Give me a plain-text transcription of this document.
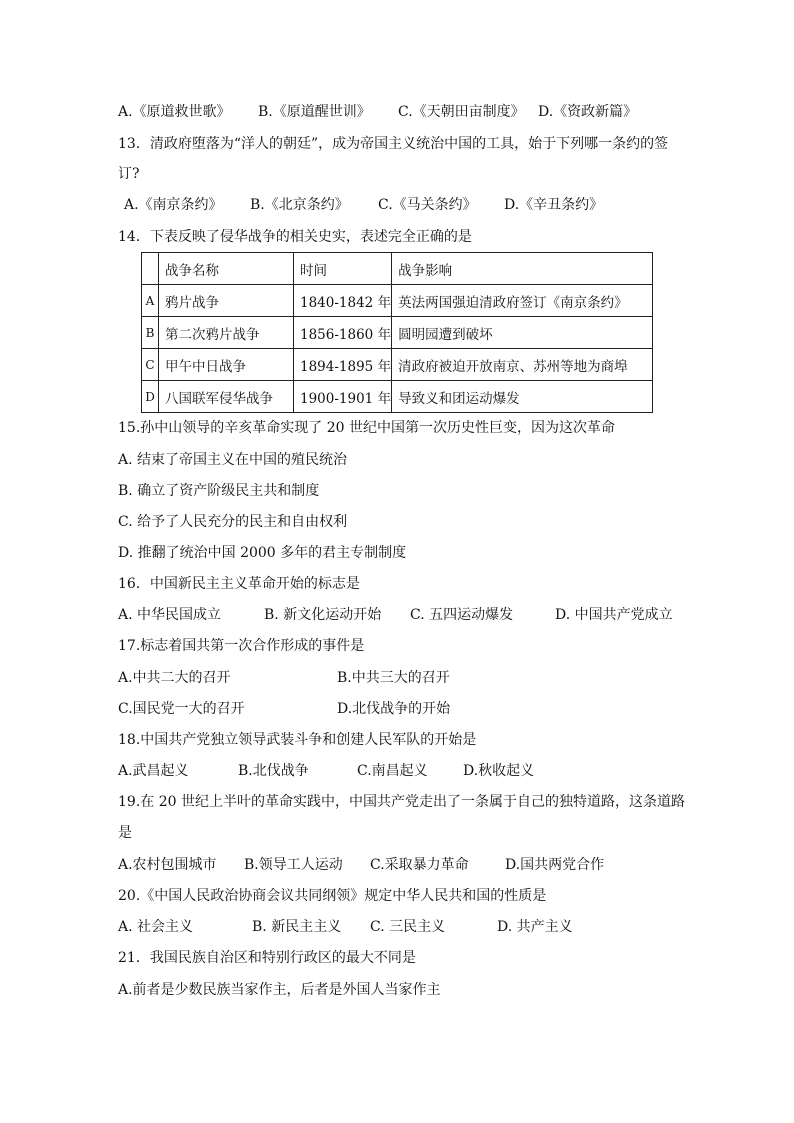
A.《原道救世歌》 B.《原道醒世训》 C.《天朝田亩制度》 D.《资政新篇》
13．清政府堕落为“洋人的朝廷”，成为帝国主义统治中国的工具，始于下列哪一条约的签
订?
A.《南京条约》 B.《北京条约》 C.《马关条约》 D.《辛丑条约》
14．下表反映了侵华战争的相关史实，表述完全正确的是
	战争名称	时间	战争影响
A	鸦片战争	1840-1842 年	英法两国强迫清政府签订《南京条约》
B	第二次鸦片战争	1856-1860 年	圆明园遭到破坏
C	甲午中日战争	1894-1895 年	清政府被迫开放南京、苏州等地为商埠
D	八国联军侵华战争	1900-1901 年	导致义和团运动爆发
15.孙中山领导的辛亥革命实现了 20 世纪中国第一次历史性巨变，因为这次革命
A. 结束了帝国主义在中国的殖民统治
B. 确立了资产阶级民主共和制度
C. 给予了人民充分的民主和自由权利
D. 推翻了统治中国 2000 多年的君主专制制度
16．中国新民主主义革命开始的标志是
A. 中华民国成立	B. 新文化运动开始 C. 五四运动爆发	D. 中国共产党成立
17.标志着国共第一次合作形成的事件是
A.中共二大的召开	B.中共三大的召开
C.国民党一大的召开	D.北伐战争的开始
18.中国共产党独立领导武装斗争和创建人民军队的开始是
A.武昌起义	B.北伐战争	C.南昌起义	D.秋收起义
19.在 20 世纪上半叶的革命实践中，中国共产党走出了一条属于自己的独特道路，这条道路
是
A.农村包围城市 B.领导工人运动 C.采取暴力革命	D.国共两党合作
20.《中国人民政治协商会议共同纲领》规定中华人民共和国的性质是
A. 社会主义	B. 新民主主义 C. 三民主义	D. 共产主义
21．我国民族自治区和特别行政区的最大不同是
A.前者是少数民族当家作主，后者是外国人当家作主
